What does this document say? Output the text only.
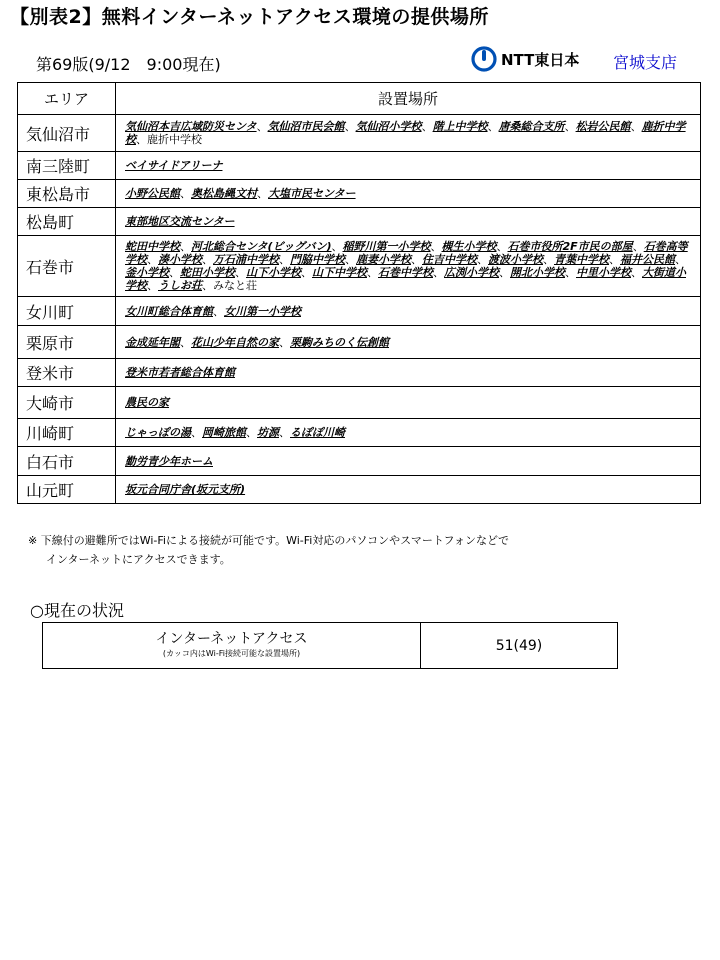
【別表2】無料インターネットアクセス環境の提供場所
第69版(9/12　9:00現在)	NTT東日本 宮城支店
エリア	設置場所
気仙沼市	気仙沼本吉広域防災センタ、気仙沼市民会館、気仙沼小学校、階上中学校、唐桑総合支所、松岩公民館、鹿折中学校、鹿折中学校
南三陸町	ベイサイドアリーナ
東松島市	小野公民館、奥松島縄文村、大塩市民センター
松島町	東部地区交流センター
石巻市	蛇田中学校、河北総合センタ(ビッグバン)、稲野川第一小学校、槻生小学校、石巻市役所2F市民の部屋、石巻高等学校、湊小学校、万石浦中学校、門脇中学校、鹿妻小学校、住吉中学校、渡波小学校、青葉中学校、福井公民館、釜小学校、蛇田小学校、山下小学校、山下中学校、石巻中学校、広渕小学校、開北小学校、中里小学校、大街道小学校、うしお荘、みなと荘
女川町	女川町総合体育館、女川第一小学校
栗原市	金成延年閣、花山少年自然の家、栗駒みちのく伝創館
登米市	登米市若者総合体育館
大崎市	農民の家
川崎町	じゃっぽの湯、岡崎旅館、坊源、るぽぽ川崎
白石市	勤労青少年ホーム
山元町	坂元合同庁舎(坂元支所)
※ 下線付の避難所ではWi-Fiによる接続が可能です。Wi-Fi対応のパソコンやスマートフォンなどで
インターネットにアクセスできます。
○現在の状況
インターネットアクセス
(カッコ内はWi-Fi接続可能な設置場所)	51(49)
